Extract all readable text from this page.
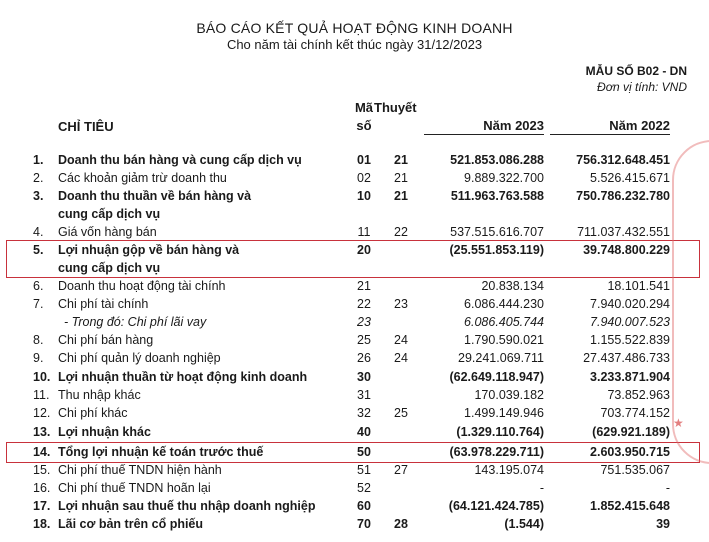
BÁO CÁO KẾT QUẢ HOẠT ĐỘNG KINH DOANH
Cho năm tài chính kết thúc ngày 31/12/2023
MẪU SỐ B02 - DN
Đơn vị tính: VND
CHỈ TIÊU
Mã
số
Thuyết
Năm 2023	Năm 2022
★
1.	Doanh thu bán hàng và cung cấp dịch vụ	01	21	521.853.086.288	756.312.648.451
2.	Các khoản giảm trừ doanh thu	02	21	9.889.322.700	5.526.415.671
3.	Doanh thu thuần về bán hàng và	10	21	511.963.763.588	750.786.232.780
cung cấp dịch vụ
4.	Giá vốn hàng bán	11	22	537.515.616.707	711.037.432.551
5.	Lợi nhuận gộp về bán hàng và	20	(25.551.853.119)	39.748.800.229
cung cấp dịch vụ
6.	Doanh thu hoạt động tài chính	21	20.838.134	18.101.541
7.	Chi phí tài chính	22	23	6.086.444.230	7.940.020.294
- Trong đó: Chi phí lãi vay	23	6.086.405.744	7.940.007.523
8.	Chi phí bán hàng	25	24	1.790.590.021	1.155.522.839
9.	Chi phí quản lý doanh nghiệp	26	24	29.241.069.711	27.437.486.733
10. Lợi nhuận thuần từ hoạt động kinh doanh	30	(62.649.118.947)	3.233.871.904
11. Thu nhập khác	31	170.039.182	73.852.963
12. Chi phí khác	32	25	1.499.149.946	703.774.152
13. Lợi nhuận khác	40	(1.329.110.764)	(629.921.189)
14. Tổng lợi nhuận kế toán trước thuế	50	(63.978.229.711)	2.603.950.715
15. Chi phí thuế TNDN hiện hành	51	27	143.195.074	751.535.067
16. Chi phí thuế TNDN hoãn lại	52	-	-
17. Lợi nhuận sau thuế thu nhập doanh nghiệp	60	(64.121.424.785)	1.852.415.648
18. Lãi cơ bản trên cổ phiếu	70	28	(1.544)	39
